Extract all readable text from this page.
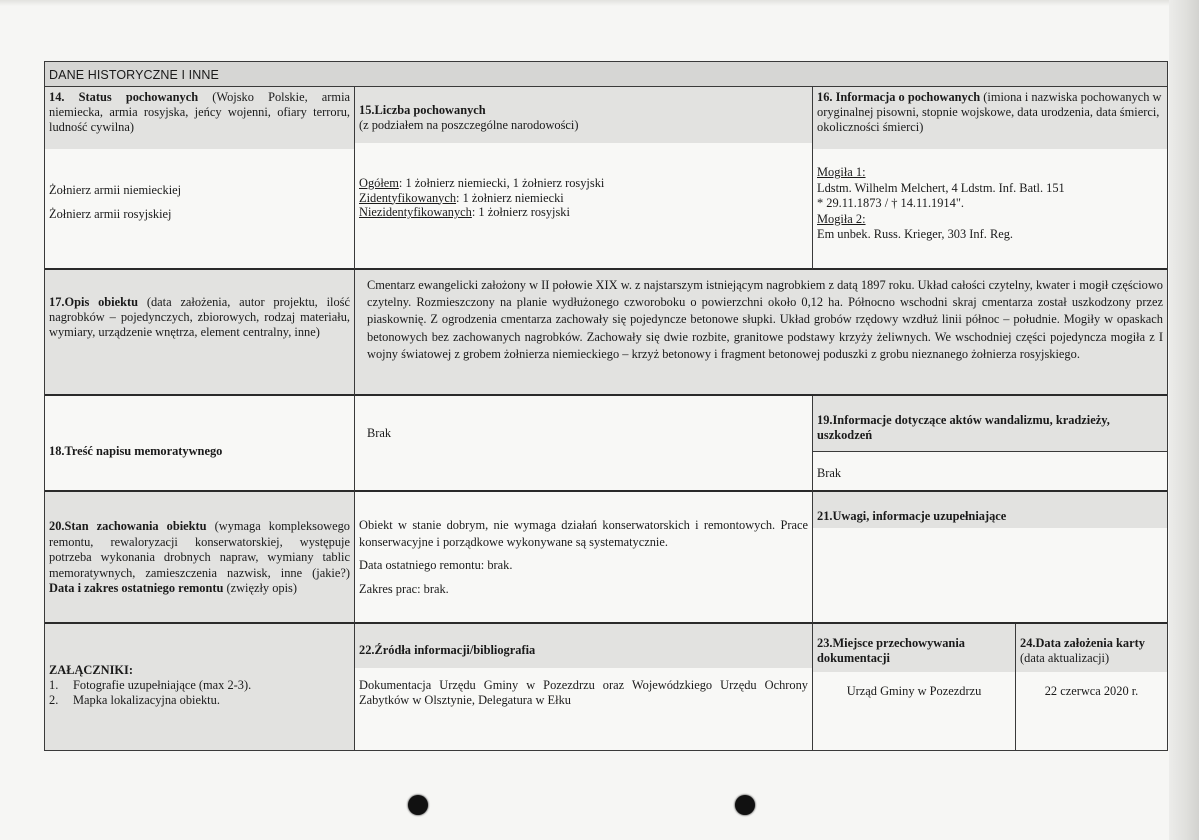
DANE HISTORYCZNE I INNE
14. Status pochowanych (Wojsko Polskie, armia niemiecka, armia rosyjska, jeńcy wojenni, ofiary terroru, ludność cywilna)
Żołnierz armii niemieckiej
Żołnierz armii rosyjskiej
15.Liczba pochowanych
(z podziałem na poszczególne narodowości)
Ogółem: 1 żołnierz niemiecki, 1 żołnierz rosyjski
Zidentyfikowanych: 1 żołnierz niemiecki
Niezidentyfikowanych: 1 żołnierz rosyjski
16. Informacja o pochowanych (imiona i nazwiska pochowanych w oryginalnej pisowni, stopnie wojskowe, data urodzenia, data śmierci, okoliczności śmierci)
Mogiła 1:
Ldstm. Wilhelm Melchert, 4 Ldstm. Inf. Batl. 151
* 29.11.1873 / † 14.11.1914".
Mogiła 2:
Em unbek. Russ. Krieger, 303 Inf. Reg.
17.Opis obiektu (data założenia, autor projektu, ilość nagrobków – pojedynczych, zbiorowych, rodzaj materiału, wymiary, urządzenie wnętrza, element centralny, inne)

Cmentarz ewangelicki założony w II połowie XIX w. z najstarszym istniejącym nagrobkiem z datą 1897 roku. Układ całości czytelny, kwater i mogił częściowo czytelny. Rozmieszczony na planie wydłużonego czworoboku o powierzchni około 0,12 ha. Północno wschodni skraj cmentarza został uszkodzony przez piaskownię. Z ogrodzenia cmentarza zachowały się pojedyncze betonowe słupki. Układ grobów rzędowy wzdłuż linii północ – południe. Mogiły w opaskach betonowych bez zachowanych nagrobków. Zachowały się dwie rozbite, granitowe podstawy krzyży żeliwnych. We wschodniej części pojedyncza mogiła z I wojny światowej z grobem żołnierza niemieckiego – krzyż betonowy i fragment betonowej poduszki z grobu nieznanego żołnierza rosyjskiego.

18.Treść napisu memoratywnego
Brak
19.Informacje dotyczące aktów wandalizmu, kradzieży, uszkodzeń
Brak
20.Stan zachowania obiektu (wymaga kompleksowego remontu, rewaloryzacji konserwatorskiej, występuje potrzeba wykonania drobnych napraw, wymiany tablic memoratywnych, zamieszczenia nazwisk, inne (jakie?)
Data i zakres ostatniego remontu (zwięzły opis)

Obiekt w stanie dobrym, nie wymaga działań konserwatorskich i remontowych. Prace konserwacyjne i porządkowe wykonywane są systematycznie.

Data ostatniego remontu: brak.

Zakres prac: brak.

21.Uwagi, informacje uzupełniające
ZAŁĄCZNIKI:
1.	Fotografie uzupełniające (max 2-3).
2.	Mapka lokalizacyjna obiektu.
22.Źródła informacji/bibliografia
Dokumentacja Urzędu Gminy w Pozezdrzu oraz Wojewódzkiego Urzędu Ochrony Zabytków w Olsztynie, Delegatura w Ełku
23.Miejsce przechowywania dokumentacji
Urząd Gminy w Pozezdrzu
24.Data założenia karty (data aktualizacji)
22 czerwca 2020 r.
